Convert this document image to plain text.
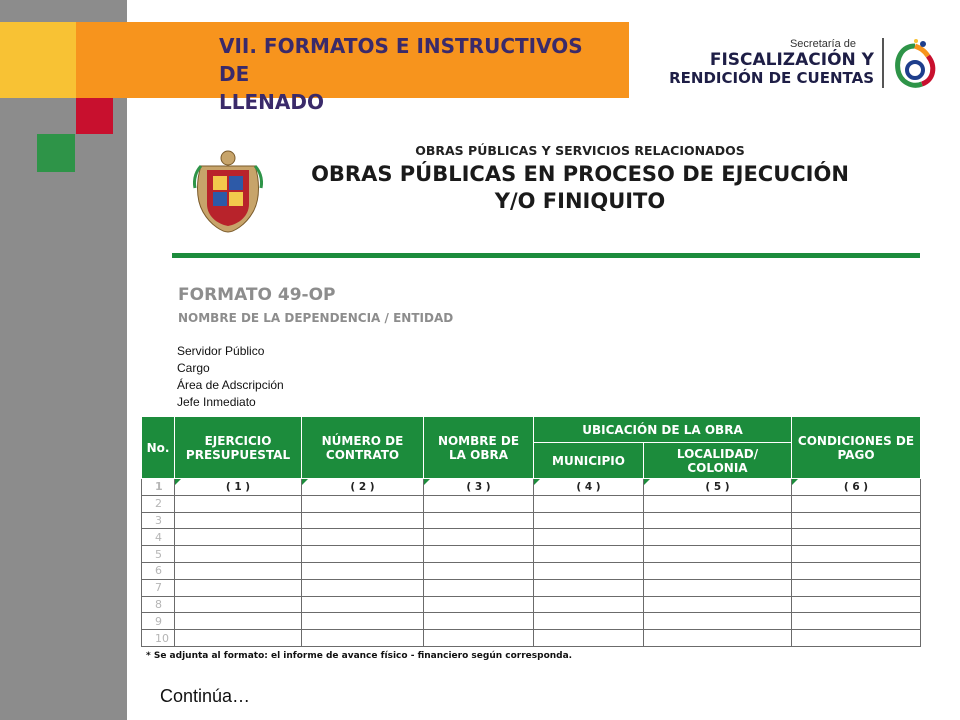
VII. FORMATOS E INSTRUCTIVOS DE
LLENADO
Secretaría de
FISCALIZACIÓN Y
RENDICIÓN DE CUENTAS
OBRAS PÚBLICAS Y SERVICIOS RELACIONADOS
OBRAS PÚBLICAS EN PROCESO DE EJECUCIÓN
Y/O FINIQUITO
FORMATO 49-OP
NOMBRE DE LA DEPENDENCIA / ENTIDAD
Servidor Público
Cargo
Área de Adscripción
Jefe Inmediato
No.	EJERCICIO PRESUPUESTAL	NÚMERO DE CONTRATO	NOMBRE DE LA OBRA	UBICACIÓN DE LA OBRA		CONDICIONES DE PAGO
				MUNICIPIO	LOCALIDAD/ COLONIA	
1	( 1 )	( 2 )	( 3 )	( 4 )	( 5 )	( 6 )
2						
3						
4						
5						
6						
7						
8						
9						
10						
* Se adjunta al formato: el informe de avance físico - financiero según corresponda.
Continúa…
